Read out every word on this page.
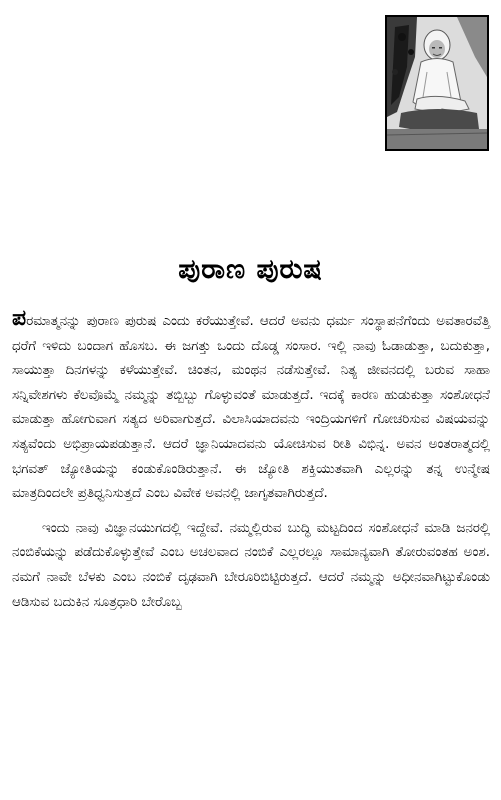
ಪುರಾಣ ಪುರುಷ

ಪರಮಾತ್ಮನನ್ನು ಪುರಾಣ ಪುರುಷ ಎಂದು ಕರೆಯುತ್ತೇವೆ. ಆದರೆ ಅವನು ಧರ್ಮ ಸಂಸ್ಥಾಪನೆಗೆಂದು ಅವತಾರವೆತ್ತಿ ಧರೆಗೆ ಇಳಿದು ಬಂದಾಗ ಹೊಸಬ. ಈ ಜಗತ್ತು ಒಂದು ದೊಡ್ಡ ಸಂಸಾರ. ಇಲ್ಲಿ ನಾವು ಓಡಾಡುತ್ತಾ, ಬದುಕುತ್ತಾ, ಸಾಯುತ್ತಾ ದಿನಗಳನ್ನು ಕಳೆಯುತ್ತೇವೆ. ಚಿಂತನ, ಮಂಥನ ನಡೆಸುತ್ತೇವೆ. ನಿತ್ಯ ಜೀವನದಲ್ಲಿ ಬರುವ ಸಾಹಾ ಸನ್ನಿವೇಶಗಳು ಕೆಲವೊಮ್ಮೆ ನಮ್ಮನ್ನು ತಬ್ಬಿಬ್ಬು ಗೊಳ್ಳುವಂತೆ ಮಾಡುತ್ತದೆ. ಇದಕ್ಕೆ ಕಾರಣ ಹುಡುಕುತ್ತಾ ಸಂಶೋಧನೆ ಮಾಡುತ್ತಾ ಹೋಗುವಾಗ ಸತ್ಯದ ಅರಿವಾಗುತ್ತದೆ. ವಿಲಾಸಿಯಾದವನು ಇಂದ್ರಿಯಗಳಿಗೆ ಗೋಚರಿಸುವ ವಿಷಯವನ್ನು ಸತ್ಯವೆಂದು ಅಭಿಪ್ರಾಯಪಡುತ್ತಾನೆ. ಆದರೆ ಜ್ಞಾನಿಯಾದವನು ಯೋಚಿಸುವ ರೀತಿ ವಿಭಿನ್ನ. ಅವನ ಅಂತರಾತ್ಮದಲ್ಲಿ ಭಗವತ್ ಜ್ಯೋತಿಯನ್ನು ಕಂಡುಕೊಂಡಿರುತ್ತಾನೆ. ಈ ಜ್ಯೋತಿ ಶಕ್ತಿಯುತವಾಗಿ ಎಲ್ಲರನ್ನು ತನ್ನ ಉನ್ಮೇಷ ಮಾತ್ರದಿಂದಲೇ ಪ್ರತಿಧ್ವನಿಸುತ್ತದೆ ಎಂಬ ವಿವೇಕ ಅವನಲ್ಲಿ ಜಾಗೃತವಾಗಿರುತ್ತದೆ.

ಇಂದು ನಾವು ವಿಜ್ಞಾನಯುಗದಲ್ಲಿ ಇದ್ದೇವೆ. ನಮ್ಮಲ್ಲಿರುವ ಬುದ್ಧಿ ಮಟ್ಟದಿಂದ ಸಂಶೋಧನೆ ಮಾಡಿ ಜನರಲ್ಲಿ ನಂಬಿಕೆಯನ್ನು ಪಡೆದುಕೊಳ್ಳುತ್ತೇವೆ ಎಂಬ ಅಚಲವಾದ ನಂಬಿಕೆ ಎಲ್ಲರಲ್ಲೂ ಸಾಮಾನ್ಯವಾಗಿ ತೋರುವಂತಹ ಅಂಶ. ನಮಗೆ ನಾವೇ ಬೆಳಕು ಎಂಬ ನಂಬಿಕೆ ದೃಢವಾಗಿ ಬೇರೂರಿಬಿಟ್ಟಿರುತ್ತದೆ. ಆದರೆ ನಮ್ಮನ್ನು ಅಧೀನವಾಗಿಟ್ಟುಕೊಂಡು ಆಡಿಸುವ ಬದುಕಿನ ಸೂತ್ರಧಾರಿ ಬೇರೊಬ್ಬ
